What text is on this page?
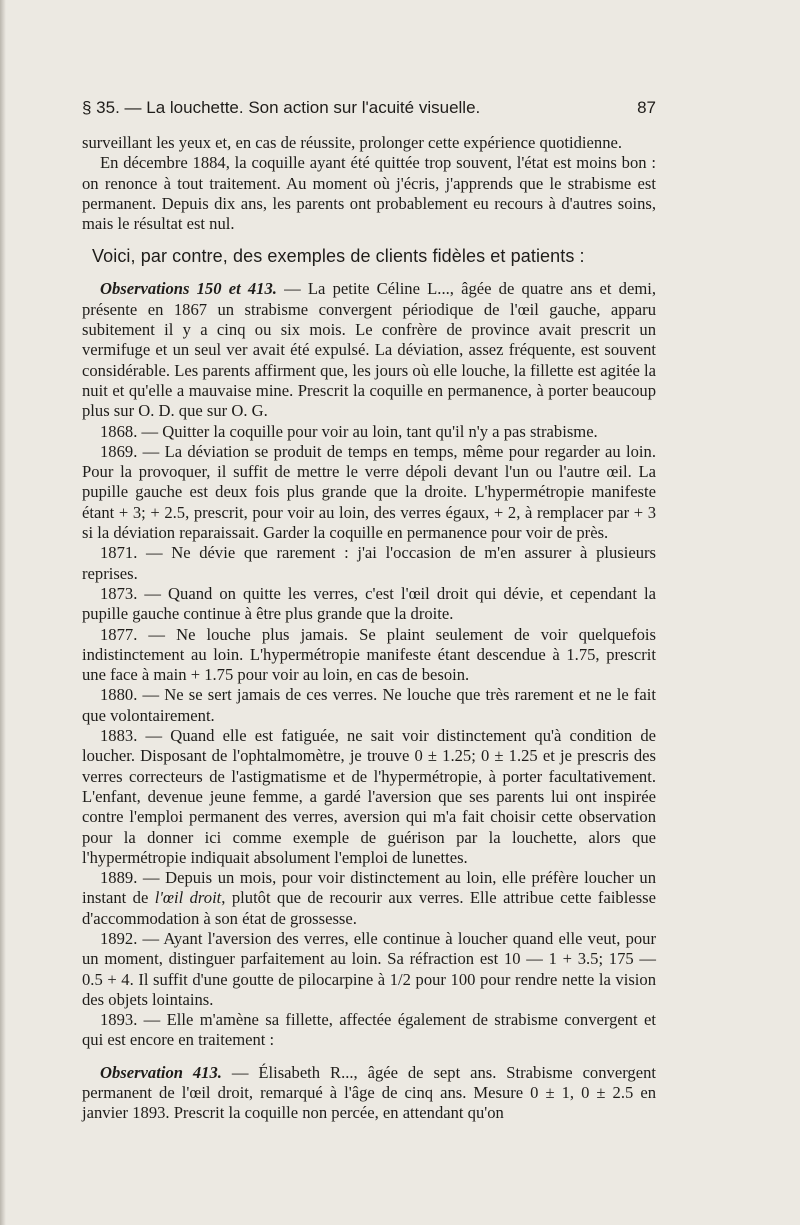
§ 35. — La louchette. Son action sur l'acuité visuelle.	87

surveillant les yeux et, en cas de réussite, prolonger cette expérience quotidienne.

En décembre 1884, la coquille ayant été quittée trop souvent, l'état est moins bon : on renonce à tout traitement. Au moment où j'écris, j'apprends que le strabisme est permanent. Depuis dix ans, les parents ont probablement eu recours à d'autres soins, mais le résultat est nul.

Voici, par contre, des exemples de clients fidèles et patients :

Observations 150 et 413. — La petite Céline L..., âgée de quatre ans et demi, présente en 1867 un strabisme convergent périodique de l'œil gauche, apparu subitement il y a cinq ou six mois. Le confrère de province avait prescrit un vermifuge et un seul ver avait été expulsé. La déviation, assez fréquente, est souvent considérable. Les parents affirment que, les jours où elle louche, la fillette est agitée la nuit et qu'elle a mauvaise mine. Prescrit la coquille en permanence, à porter beaucoup plus sur O. D. que sur O. G.

1868. — Quitter la coquille pour voir au loin, tant qu'il n'y a pas strabisme.

1869. — La déviation se produit de temps en temps, même pour regarder au loin. Pour la provoquer, il suffit de mettre le verre dépoli devant l'un ou l'autre œil. La pupille gauche est deux fois plus grande que la droite. L'hypermétropie manifeste étant + 3; + 2.5, prescrit, pour voir au loin, des verres égaux, + 2, à remplacer par + 3 si la déviation reparaissait. Garder la coquille en permanence pour voir de près.

1871. — Ne dévie que rarement : j'ai l'occasion de m'en assurer à plusieurs reprises.

1873. — Quand on quitte les verres, c'est l'œil droit qui dévie, et cependant la pupille gauche continue à être plus grande que la droite.

1877. — Ne louche plus jamais. Se plaint seulement de voir quelquefois indistinctement au loin. L'hypermétropie manifeste étant descendue à 1.75, prescrit une face à main + 1.75 pour voir au loin, en cas de besoin.

1880. — Ne se sert jamais de ces verres. Ne louche que très rarement et ne le fait que volontairement.

1883. — Quand elle est fatiguée, ne sait voir distinctement qu'à condition de loucher. Disposant de l'ophtalmomètre, je trouve 0 ± 1.25; 0 ± 1.25 et je prescris des verres correcteurs de l'astigmatisme et de l'hypermétropie, à porter facultativement. L'enfant, devenue jeune femme, a gardé l'aversion que ses parents lui ont inspirée contre l'emploi permanent des verres, aversion qui m'a fait choisir cette observation pour la donner ici comme exemple de guérison par la louchette, alors que l'hypermétropie indiquait absolument l'emploi de lunettes.

1889. — Depuis un mois, pour voir distinctement au loin, elle préfère loucher un instant de l'œil droit, plutôt que de recourir aux verres. Elle attribue cette faiblesse d'accommodation à son état de grossesse.

1892. — Ayant l'aversion des verres, elle continue à loucher quand elle veut, pour un moment, distinguer parfaitement au loin. Sa réfraction est 10 — 1 + 3.5; 175 — 0.5 + 4. Il suffit d'une goutte de pilocarpine à 1/2 pour 100 pour rendre nette la vision des objets lointains.

1893. — Elle m'amène sa fillette, affectée également de strabisme convergent et qui est encore en traitement :

Observation 413. — Élisabeth R..., âgée de sept ans. Strabisme convergent permanent de l'œil droit, remarqué à l'âge de cinq ans. Mesure 0 ± 1, 0 ± 2.5 en janvier 1893. Prescrit la coquille non percée, en attendant qu'on
